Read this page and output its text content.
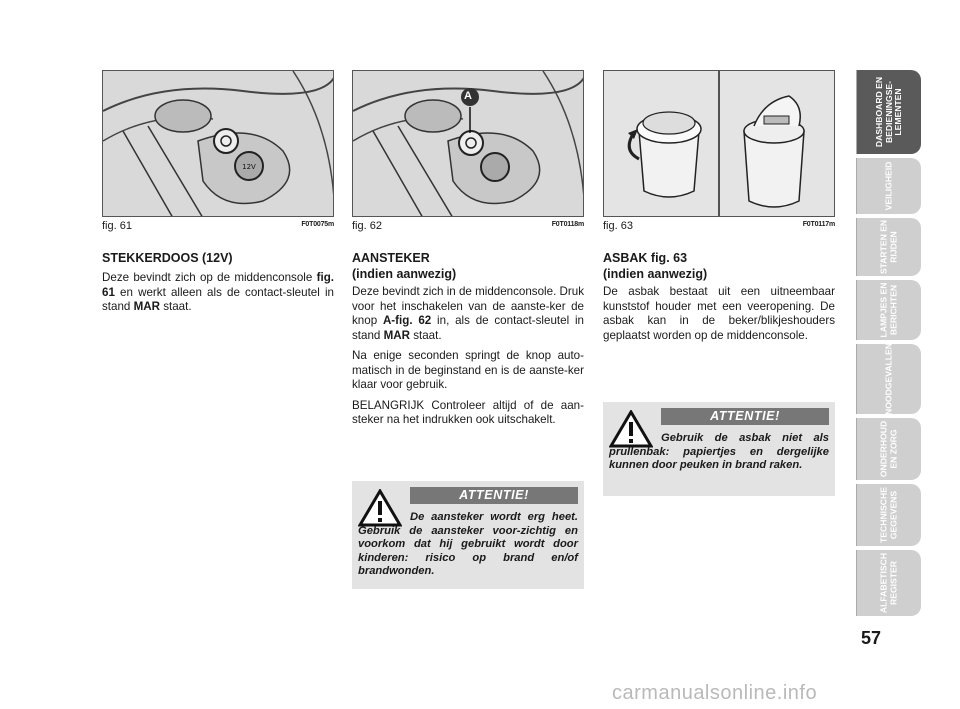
12V
fig. 61	F0T0075m
A
fig. 62	F0T0118m fig. 63	F0T0117m
STEKKERDOOS (12V)

Deze bevindt zich op de middenconsole fig. 61 en werkt alleen als de contact-sleutel in stand MAR staat.

AANSTEKER
(indien aanwezig)

Deze bevindt zich in de middenconsole. Druk voor het inschakelen van de aanste-ker de knop A-fig. 62 in, als de contact-sleutel in stand MAR staat.

Na enige seconden springt de knop auto-matisch in de beginstand en is de aanste-ker klaar voor gebruik.

BELANGRIJK Controleer altijd of de aan-steker na het indrukken ook uitschakelt.

ATTENTIE!
De aansteker wordt erg heet. Gebruik de aansteker voor-zichtig en voorkom dat hij gebruikt wordt door kinderen: risico op brand en/of brandwonden.
ASBAK fig. 63
(indien aanwezig)

De asbak bestaat uit een uitneembaar kunststof houder met een veeropening. De asbak kan in de beker/blikjeshouders geplaatst worden op de middenconsole.

ATTENTIE!
Gebruik de asbak niet als prullenbak: papiertjes en dergelijke kunnen door peuken in brand raken.
DASHBOARD EN
BEDIENINGSE-
LEMENTEN
VEILIGHEID
STARTEN EN
RIJDEN
LAMPJES EN
BERICHTEN
NOODGEVALLEN
ONDERHOUD
EN ZORG
TECHNISCHE
GEGEVENS
ALFABETISCH
REGISTER
57
carmanualsonline.info
